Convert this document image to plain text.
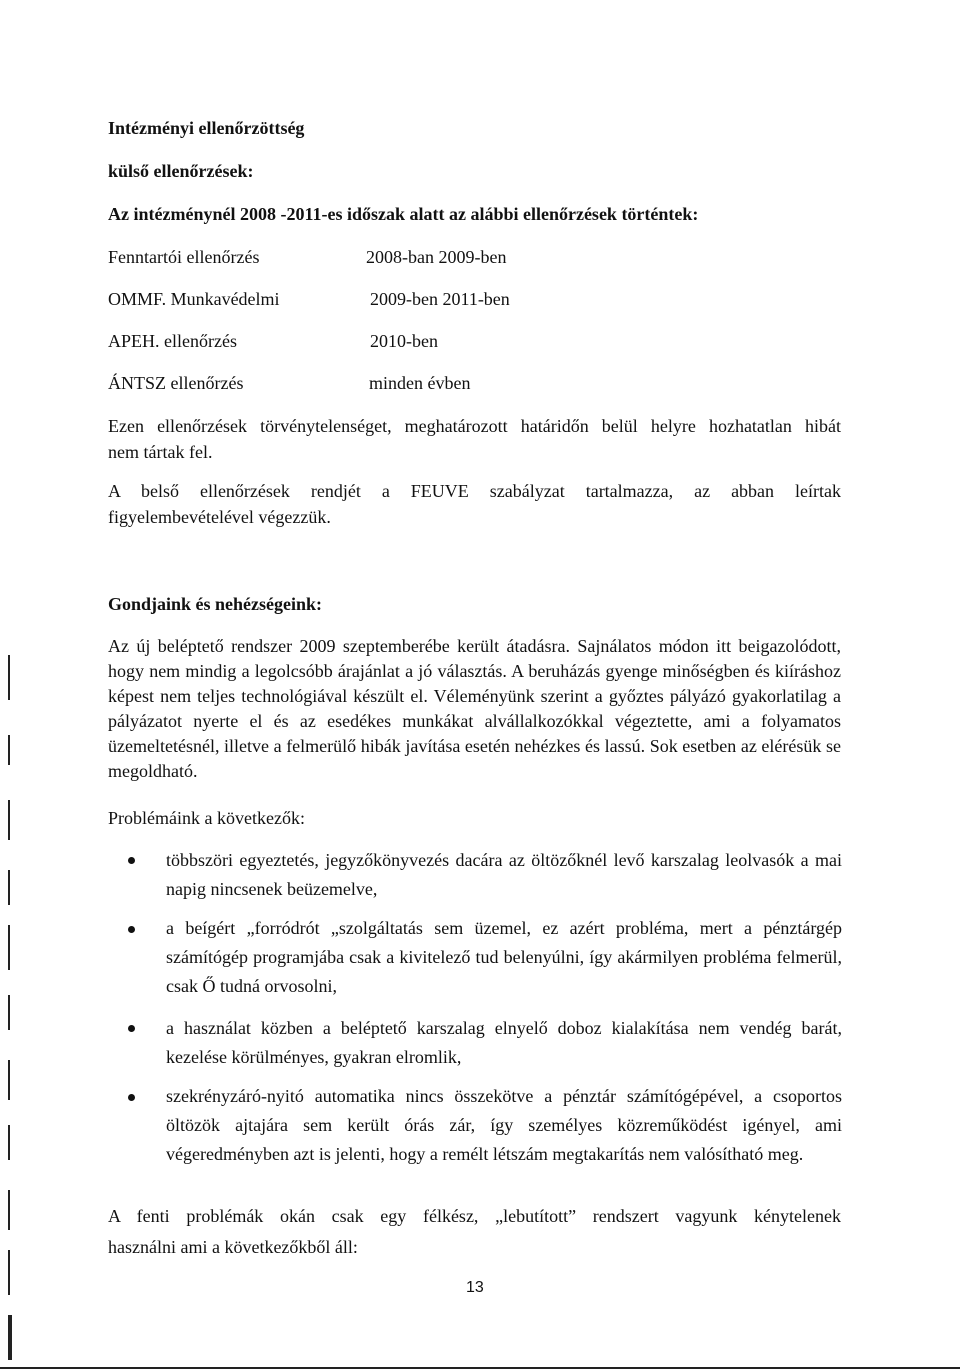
Intézményi ellenőrzöttség
külső ellenőrzések:
Az intézménynél 2008 -2011-es időszak alatt az alábbi ellenőrzések történtek:
Fenntartói ellenőrzés	2008-ban 2009-ben
OMMF. Munkavédelmi	2009-ben 2011-ben
APEH. ellenőrzés	2010-ben
ÁNTSZ ellenőrzés	minden évben
Ezen ellenőrzések törvénytelenséget, meghatározott határidőn belül helyre hozhatatlan hibát
nem tártak fel.
A belső ellenőrzések rendjét a FEUVE szabályzat tartalmazza, az abban leírtak
figyelembevételével végezzük.
Gondjaink és nehézségeink:
Az új beléptető rendszer 2009 szeptemberébe került átadásra. Sajnálatos módon itt beigazolódott, hogy nem mindig a legolcsóbb árajánlat a jó választás. A beruházás gyenge minőségben és kiíráshoz képest nem teljes technológiával készült el. Véleményünk szerint a győztes pályázó gyakorlatilag a pályázatot nyerte el és az esedékes munkákat alvállalkozókkal végeztette, ami a folyamatos üzemeltetésnél, illetve a felmerülő hibák javítása esetén nehézkes és lassú. Sok esetben az elérésük se megoldható.
Problémáink a következők:
többszöri egyeztetés, jegyzőkönyvezés dacára az öltözőknél levő karszalag leolvasók a mai napig nincsenek beüzemelve,
a beígért „forródrót „szolgáltatás sem üzemel, ez azért probléma, mert a pénztárgép számítógép programjába csak a kivitelező tud belenyúlni, így akármilyen probléma felmerül, csak Ő tudná orvosolni,
a használat közben a beléptető karszalag elnyelő doboz kialakítása nem vendég barát, kezelése körülményes, gyakran elromlik,
szekrényzáró-nyitó automatika nincs összekötve a pénztár számítógépével, a csoportos öltözök ajtajára sem került órás zár, így személyes közreműködést igényel, ami végeredményben azt is jelenti, hogy a remélt létszám megtakarítás nem valósítható meg.
A fenti problémák okán csak egy félkész, „lebutított” rendszert vagyunk kénytelenek
használni ami a következőkből áll:
13
